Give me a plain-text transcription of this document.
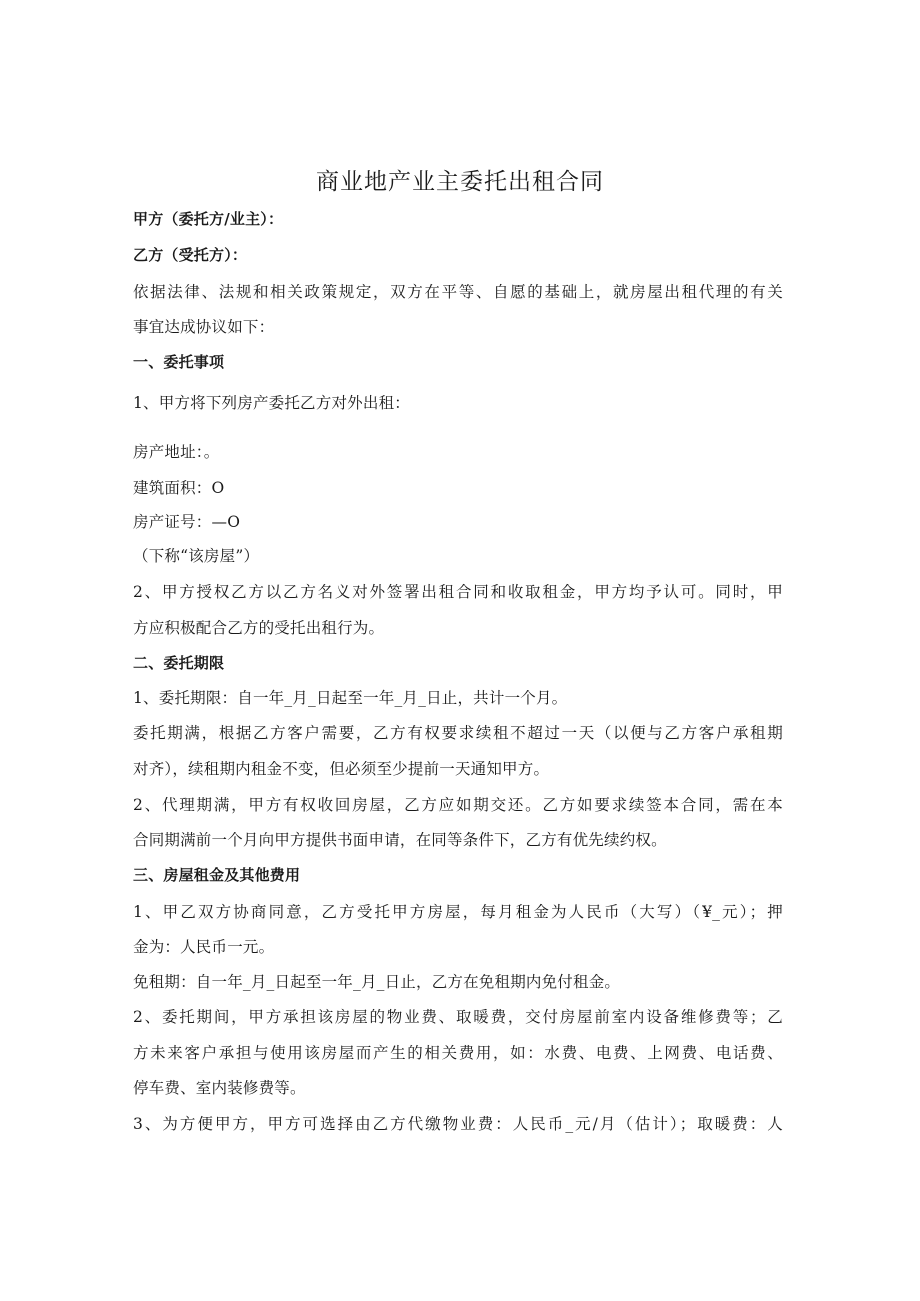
商业地产业主委托出租合同
甲方（委托方/业主）：
乙方（受托方）：
依据法律、法规和相关政策规定，双方在平等、自愿的基础上，就房屋出租代理的有关
事宜达成协议如下：
一、委托事项
1、甲方将下列房产委托乙方对外出租：
房产地址：。
建筑面积：O
房产证号：—O
（下称“该房屋”）
2、甲方授权乙方以乙方名义对外签署出租合同和收取租金，甲方均予认可。同时，甲
方应积极配合乙方的受托出租行为。
二、委托期限
1、委托期限：自一年_月_日起至一年_月_日止，共计一个月。
委托期满，根据乙方客户需要，乙方有权要求续租不超过一天（以便与乙方客户承租期
对齐），续租期内租金不变，但必须至少提前一天通知甲方。
2、代理期满，甲方有权收回房屋，乙方应如期交还。乙方如要求续签本合同，需在本
合同期满前一个月向甲方提供书面申请，在同等条件下，乙方有优先续约权。
三、房屋租金及其他费用
1、甲乙双方协商同意，乙方受托甲方房屋，每月租金为人民币（大写）（¥_元）；押
金为：人民币一元。
免租期：自一年_月_日起至一年_月_日止，乙方在免租期内免付租金。
2、委托期间，甲方承担该房屋的物业费、取暖费，交付房屋前室内设备维修费等；乙
方未来客户承担与使用该房屋而产生的相关费用，如：水费、电费、上网费、电话费、
停车费、室内装修费等。
3、为方便甲方，甲方可选择由乙方代缴物业费：人民币_元/月（估计）；取暖费：人
